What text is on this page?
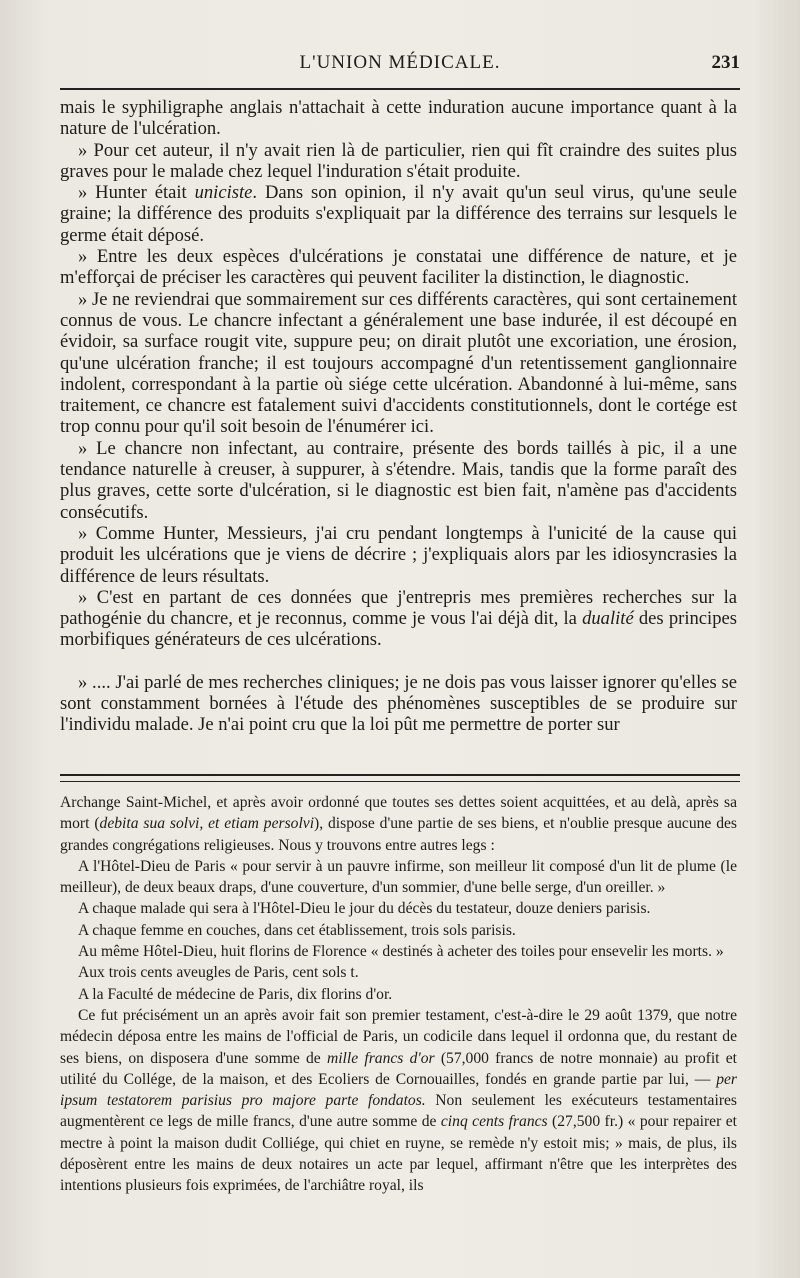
L'UNION MÉDICALE.	231

mais le syphiligraphe anglais n'attachait à cette induration aucune importance quant à la nature de l'ulcération.

» Pour cet auteur, il n'y avait rien là de particulier, rien qui fît craindre des suites plus graves pour le malade chez lequel l'induration s'était produite.

» Hunter était uniciste. Dans son opinion, il n'y avait qu'un seul virus, qu'une seule graine; la différence des produits s'expliquait par la différence des terrains sur lesquels le germe était déposé.

» Entre les deux espèces d'ulcérations je constatai une différence de nature, et je m'efforçai de préciser les caractères qui peuvent faciliter la distinction, le diagnostic.

» Je ne reviendrai que sommairement sur ces différents caractères, qui sont certainement connus de vous. Le chancre infectant a généralement une base indurée, il est découpé en évidoir, sa surface rougit vite, suppure peu; on dirait plutôt une excoriation, une érosion, qu'une ulcération franche; il est toujours accompagné d'un retentissement ganglionnaire indolent, correspondant à la partie où siége cette ulcération. Abandonné à lui-même, sans traitement, ce chancre est fatalement suivi d'accidents constitutionnels, dont le cortége est trop connu pour qu'il soit besoin de l'énumérer ici.

» Le chancre non infectant, au contraire, présente des bords taillés à pic, il a une tendance naturelle à creuser, à suppurer, à s'étendre. Mais, tandis que la forme paraît des plus graves, cette sorte d'ulcération, si le diagnostic est bien fait, n'amène pas d'accidents consécutifs.

» Comme Hunter, Messieurs, j'ai cru pendant longtemps à l'unicité de la cause qui produit les ulcérations que je viens de décrire ; j'expliquais alors par les idiosyncrasies la différence de leurs résultats.

» C'est en partant de ces données que j'entrepris mes premières recherches sur la pathogénie du chancre, et je reconnus, comme je vous l'ai déjà dit, la dualité des principes morbifiques générateurs de ces ulcérations.

» .... J'ai parlé de mes recherches cliniques; je ne dois pas vous laisser ignorer qu'elles se sont constamment bornées à l'étude des phénomènes susceptibles de se produire sur l'individu malade. Je n'ai point cru que la loi pût me permettre de porter sur

Archange Saint-Michel, et après avoir ordonné que toutes ses dettes soient acquittées, et au delà, après sa mort (debita sua solvi, et etiam persolvi), dispose d'une partie de ses biens, et n'oublie presque aucune des grandes congrégations religieuses. Nous y trouvons entre autres legs :

A l'Hôtel-Dieu de Paris « pour servir à un pauvre infirme, son meilleur lit composé d'un lit de plume (le meilleur), de deux beaux draps, d'une couverture, d'un sommier, d'une belle serge, d'un oreiller. »

A chaque malade qui sera à l'Hôtel-Dieu le jour du décès du testateur, douze deniers parisis.

A chaque femme en couches, dans cet établissement, trois sols parisis.

Au même Hôtel-Dieu, huit florins de Florence « destinés à acheter des toiles pour ensevelir les morts. »

Aux trois cents aveugles de Paris, cent sols t.

A la Faculté de médecine de Paris, dix florins d'or.

Ce fut précisément un an après avoir fait son premier testament, c'est-à-dire le 29 août 1379, que notre médecin déposa entre les mains de l'official de Paris, un codicile dans lequel il ordonna que, du restant de ses biens, on disposera d'une somme de mille francs d'or (57,000 francs de notre monnaie) au profit et utilité du Collége, de la maison, et des Ecoliers de Cornouailles, fondés en grande partie par lui, — per ipsum testatorem parisius pro majore parte fondatos. Non seulement les exécuteurs testamentaires augmentèrent ce legs de mille francs, d'une autre somme de cinq cents francs (27,500 fr.) « pour repairer et mectre à point la maison dudit Colliége, qui chiet en ruyne, se remède n'y estoit mis; » mais, de plus, ils déposèrent entre les mains de deux notaires un acte par lequel, affirmant n'être que les interprètes des intentions plusieurs fois exprimées, de l'archiâtre royal, ils
